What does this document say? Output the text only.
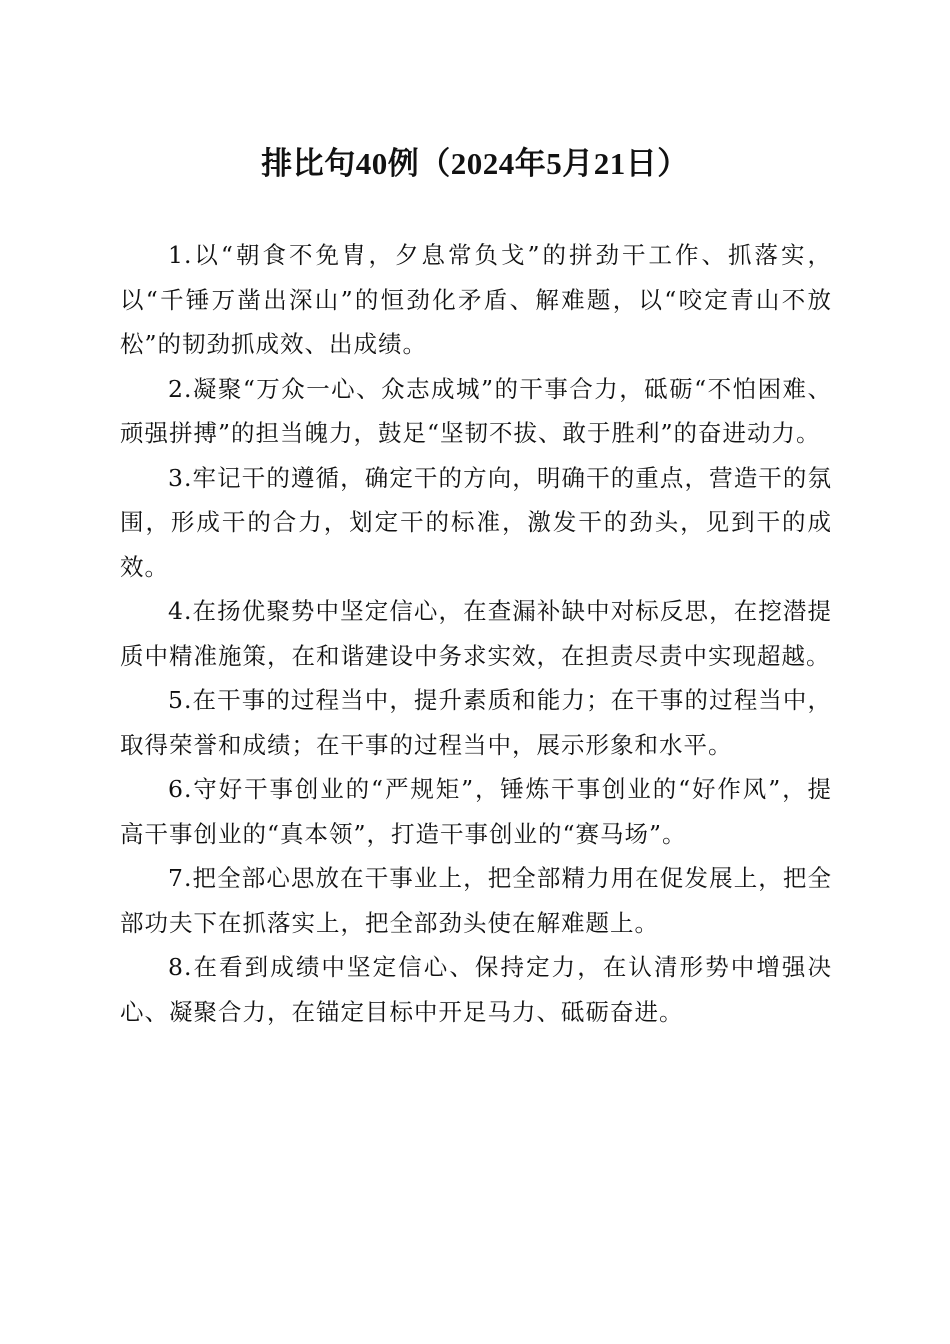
排比句40例（2024年5月21日）

1.以“朝食不免胄，夕息常负戈”的拼劲干工作、抓落实，以“千锤万凿出深山”的恒劲化矛盾、解难题，以“咬定青山不放松”的韧劲抓成效、出成绩。

2.凝聚“万众一心、众志成城”的干事合力，砥砺“不怕困难、顽强拼搏”的担当魄力，鼓足“坚韧不拔、敢于胜利”的奋进动力。

3.牢记干的遵循，确定干的方向，明确干的重点，营造干的氛围，形成干的合力，划定干的标准，激发干的劲头，见到干的成效。

4.在扬优聚势中坚定信心，在查漏补缺中对标反思，在挖潜提质中精准施策，在和谐建设中务求实效，在担责尽责中实现超越。

5.在干事的过程当中，提升素质和能力；在干事的过程当中，取得荣誉和成绩；在干事的过程当中，展示形象和水平。

6.守好干事创业的“严规矩”，锤炼干事创业的“好作风”，提高干事创业的“真本领”，打造干事创业的“赛马场”。

7.把全部心思放在干事业上，把全部精力用在促发展上，把全部功夫下在抓落实上，把全部劲头使在解难题上。

8.在看到成绩中坚定信心、保持定力，在认清形势中增强决心、凝聚合力，在锚定目标中开足马力、砥砺奋进。
